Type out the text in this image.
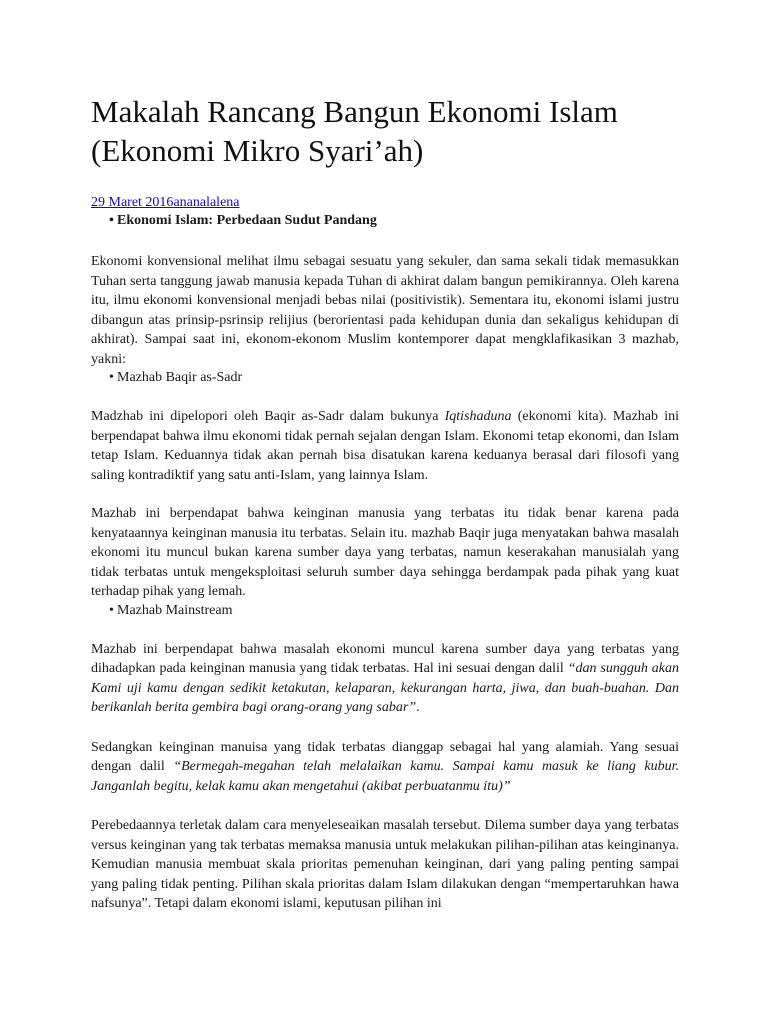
Makalah Rancang Bangun Ekonomi Islam (Ekonomi Mikro Syari’ah)
29 Maret 2016ananalalena
• Ekonomi Islam: Perbedaan Sudut Pandang

Ekonomi konvensional melihat ilmu sebagai sesuatu yang sekuler, dan sama sekali tidak memasukkan Tuhan serta tanggung jawab manusia kepada Tuhan di akhirat dalam bangun pemikirannya. Oleh karena itu, ilmu ekonomi konvensional menjadi bebas nilai (positivistik). Sementara itu, ekonomi islami justru dibangun atas prinsip-psrinsip relijius (berorientasi pada kehidupan dunia dan sekaligus kehidupan di akhirat). Sampai saat ini, ekonom-ekonom Muslim kontemporer dapat mengklafikasikan 3 mazhab, yakni:

• Mazhab Baqir as-Sadr

Madzhab ini dipelopori oleh Baqir as-Sadr dalam bukunya Iqtishaduna (ekonomi kita). Mazhab ini berpendapat bahwa ilmu ekonomi tidak pernah sejalan dengan Islam. Ekonomi tetap ekonomi, dan Islam tetap Islam. Keduannya tidak akan pernah bisa disatukan karena keduanya berasal dari filosofi yang saling kontradiktif yang satu anti-Islam, yang lainnya Islam.

Mazhab ini berpendapat bahwa keinginan manusia yang terbatas itu tidak benar karena pada kenyataannya keinginan manusia itu terbatas. Selain itu. mazhab Baqir juga menyatakan bahwa masalah ekonomi itu muncul bukan karena sumber daya yang terbatas, namun keserakahan manusialah yang tidak terbatas untuk mengeksploitasi seluruh sumber daya sehingga berdampak pada pihak yang kuat terhadap pihak yang lemah.

• Mazhab Mainstream

Mazhab ini berpendapat bahwa masalah ekonomi muncul karena sumber daya yang terbatas yang dihadapkan pada keinginan manusia yang tidak terbatas. Hal ini sesuai dengan dalil “dan sungguh akan Kami uji kamu dengan sedikit ketakutan, kelaparan, kekurangan harta, jiwa, dan buah-buahan. Dan berikanlah berita gembira bagi orang-orang yang sabar”.

Sedangkan keinginan manuisa yang tidak terbatas dianggap sebagai hal yang alamiah. Yang sesuai dengan dalil “Bermegah-megahan telah melalaikan kamu. Sampai kamu masuk ke liang kubur. Janganlah begitu, kelak kamu akan mengetahui (akibat perbuatanmu itu)”

Perebedaannya terletak dalam cara menyeleseaikan masalah tersebut. Dilema sumber daya yang terbatas versus keinginan yang tak terbatas memaksa manusia untuk melakukan pilihan-pilihan atas keinginanya. Kemudian manusia membuat skala prioritas pemenuhan keinginan, dari yang paling penting sampai yang paling tidak penting. Pilihan skala prioritas dalam Islam dilakukan dengan “mempertaruhkan hawa nafsunya”. Tetapi dalam ekonomi islami, keputusan pilihan ini
